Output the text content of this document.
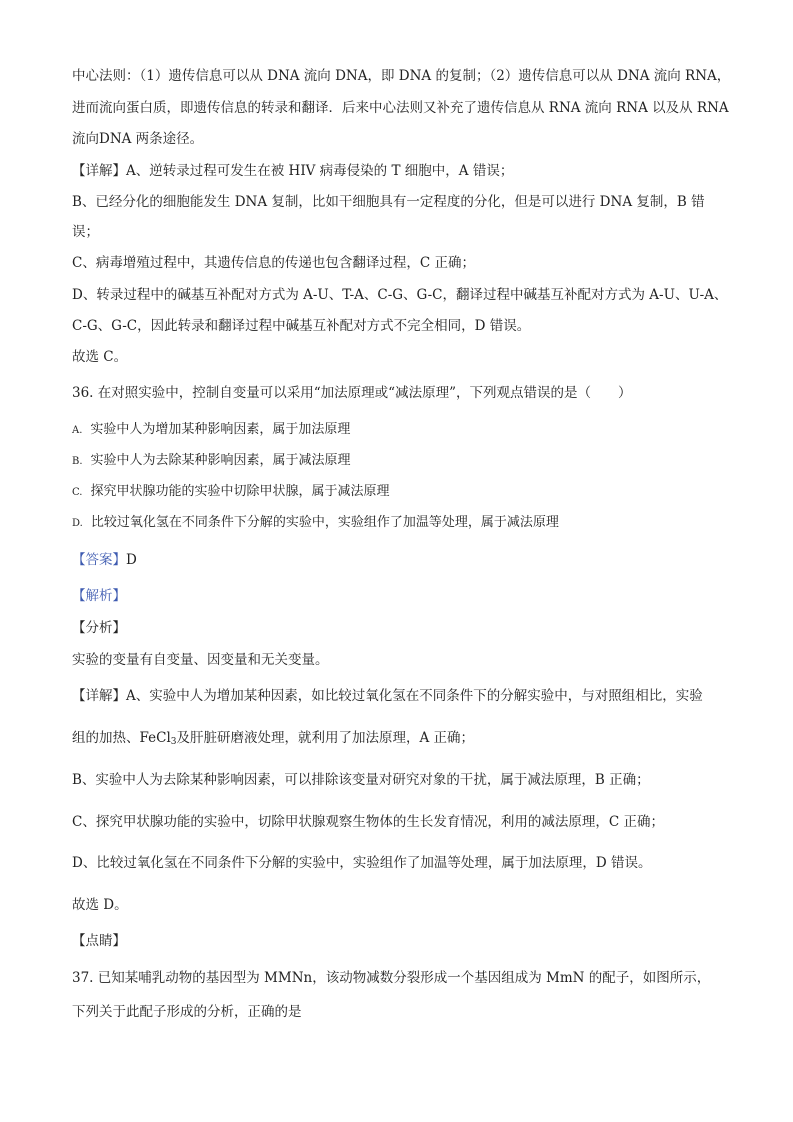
中心法则：（1）遗传信息可以从 DNA 流向 DNA，即 DNA 的复制；（2）遗传信息可以从 DNA 流向 RNA，
进而流向蛋白质，即遗传信息的转录和翻译．后来中心法则又补充了遗传信息从 RNA 流向 RNA 以及从 RNA
流向DNA 两条途径。
【详解】A、逆转录过程可发生在被 HIV 病毒侵染的 T 细胞中，A 错误；
B、已经分化的细胞能发生 DNA 复制，比如干细胞具有一定程度的分化，但是可以进行 DNA 复制，B 错
误；
C、病毒增殖过程中，其遗传信息的传递也包含翻译过程，C 正确；
D、转录过程中的碱基互补配对方式为 A-U、T-A、C-G、G-C，翻译过程中碱基互补配对方式为 A-U、U-A、
C-G、G-C，因此转录和翻译过程中碱基互补配对方式不完全相同，D 错误。
故选 C。
36. 在对照实验中，控制自变量可以采用“加法原理或“减法原理”，下列观点错误的是（　　）
A. 实验中人为增加某种影响因素，属于加法原理
B. 实验中人为去除某种影响因素，属于减法原理
C. 探究甲状腺功能的实验中切除甲状腺，属于减法原理
D. 比较过氧化氢在不同条件下分解的实验中，实验组作了加温等处理，属于减法原理
【答案】D
【解析】
【分析】
实验的变量有自变量、因变量和无关变量。
【详解】A、实验中人为增加某种因素，如比较过氧化氢在不同条件下的分解实验中，与对照组相比，实验
组的加热、FeCl$_3$及肝脏研磨液处理，就利用了加法原理，A 正确；
B、实验中人为去除某种影响因素，可以排除该变量对研究对象的干扰，属于减法原理，B 正确；
C、探究甲状腺功能的实验中，切除甲状腺观察生物体的生长发育情况，利用的减法原理，C 正确；
D、比较过氧化氢在不同条件下分解的实验中，实验组作了加温等处理，属于加法原理，D 错误。
故选 D。
【点睛】
37. 已知某哺乳动物的基因型为 MMNn，该动物减数分裂形成一个基因组成为 MmN 的配子，如图所示，
下列关于此配子形成的分析，正确的是
